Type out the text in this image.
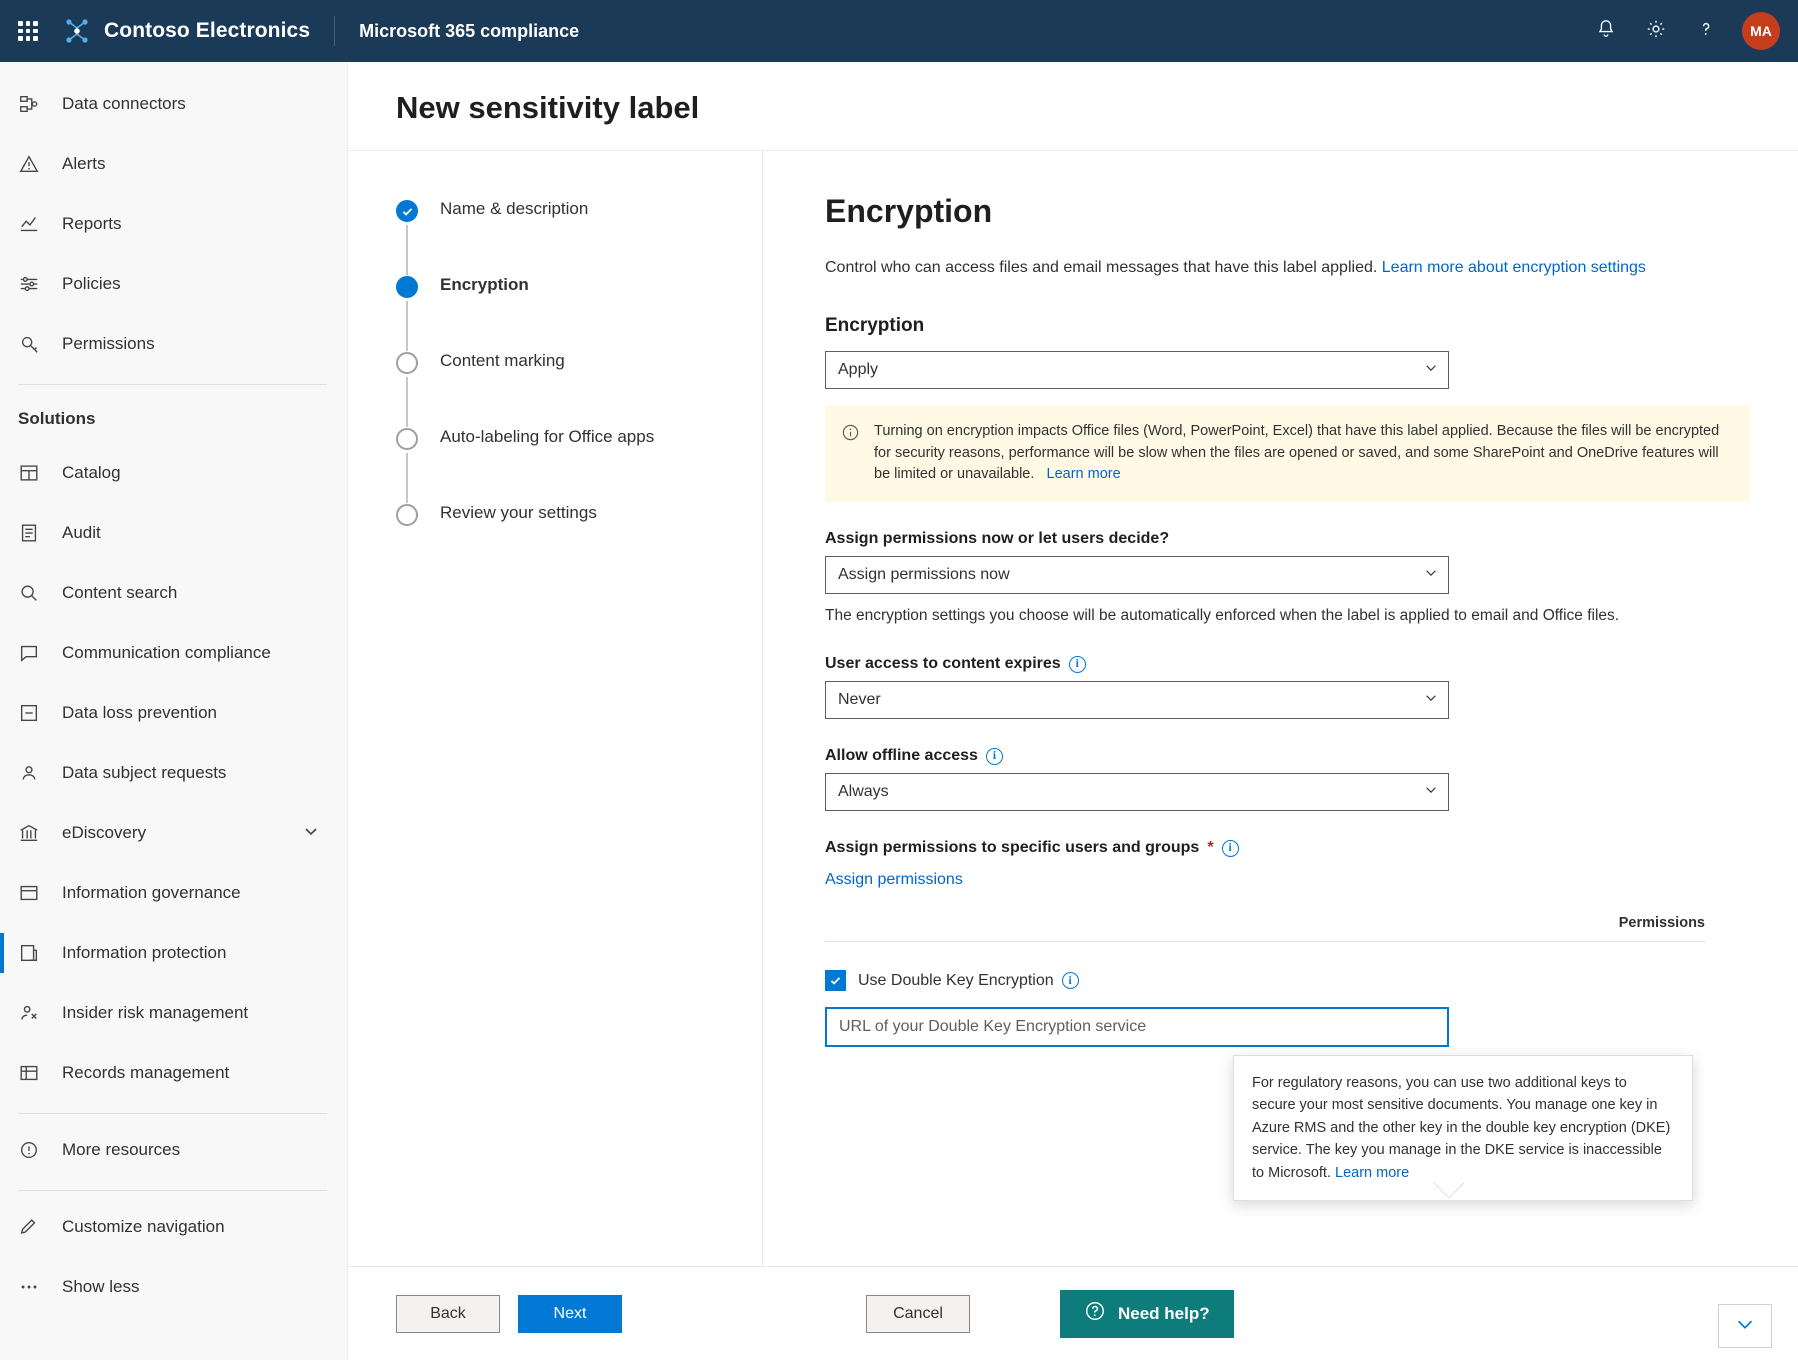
Contoso Electronics	Microsoft 365 compliance	MA
Data connectors
Alerts
Reports
Policies
Permissions
Solutions
Catalog
Audit
Content search
Communication compliance
Data loss prevention
Data subject requests
eDiscovery
Information governance
Information protection
Insider risk management
Records management
More resources
Customize navigation
Show less
New sensitivity label
Name & description
Encryption
Content marking
Auto-labeling for Office apps
Review your settings
Encryption
Control who can access files and email messages that have this label applied. Learn more about encryption settings
Encryption
Apply
Turning on encryption impacts Office files (Word, PowerPoint, Excel) that have this label applied. Because the files will be encrypted for security reasons, performance will be slow when the files are opened or saved, and some SharePoint and OneDrive features will be limited or unavailable. Learn more
Assign permissions now or let users decide?
Assign permissions now
The encryption settings you choose will be automatically enforced when the label is applied to email and Office files.
User access to content expires	i
Never
Allow offline access	i
Always
Assign permissions to specific users and groups *	i
Assign permissions
Permissions
Use Double Key Encryption	i
URL of your Double Key Encryption service
For regulatory reasons, you can use two additional keys to secure your most sensitive documents. You manage one key in Azure RMS and the other key in the double key encryption (DKE) service. The key you manage in the DKE service is inaccessible to Microsoft. Learn more
Back	Next	Cancel	Need help?
